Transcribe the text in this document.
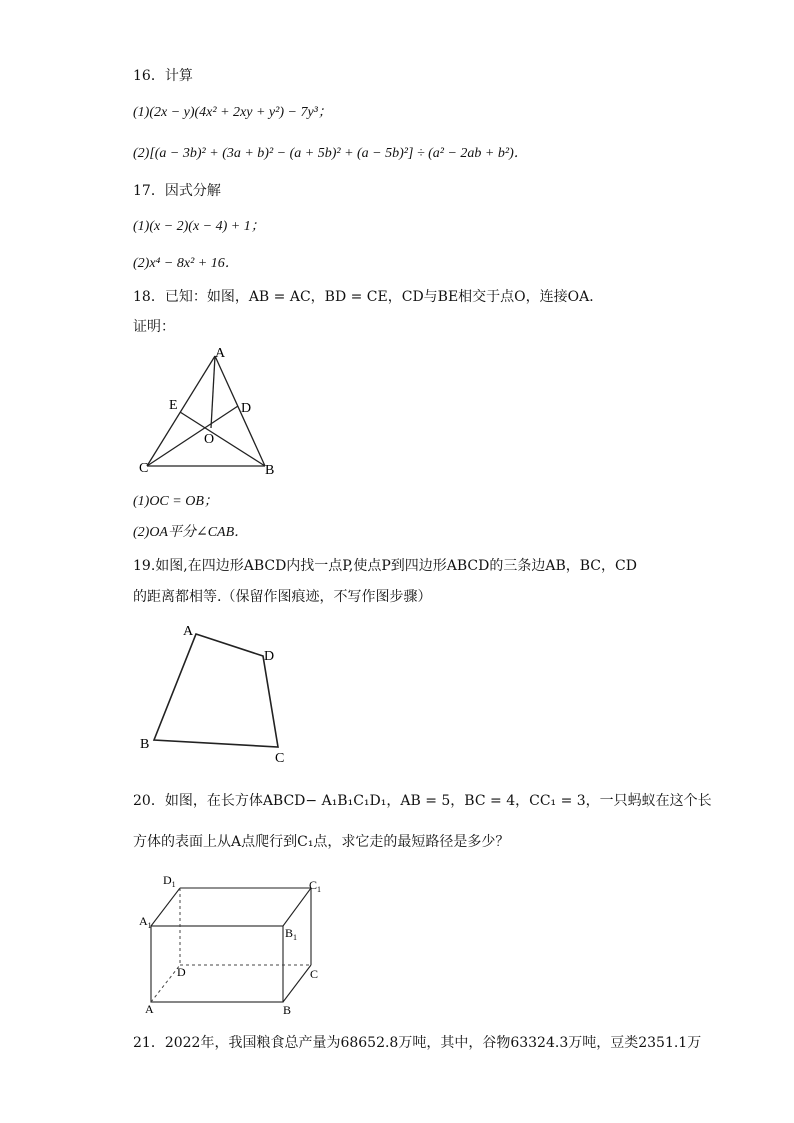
16．计算
(1)(2x − y)(4x² + 2xy + y²) − 7y³；
(2)[(a − 3b)² + (3a + b)² − (a + 5b)² + (a − 5b)²] ÷ (a² − 2ab + b²)．
17．因式分解
(1)(x − 2)(x − 4) + 1；
(2)x⁴ − 8x² + 16．
18．已知：如图，AB = AC，BD = CE，CD与BE相交于点O，连接OA．
证明：
A
E	D
O
C	B
(1)OC = OB；
(2)OA平分∠CAB．
19.如图,在四边形ABCD内找一点P,使点P到四边形ABCD的三条边AB，BC，CD
的距离都相等.（保留作图痕迹，不写作图步骤）
A
D
B
C
20．如图，在长方体ABCD− A₁B₁C₁D₁，AB = 5，BC = 4，CC₁ = 3，一只蚂蚁在这个长
方体的表面上从A点爬行到C₁点，求它走的最短路径是多少？
$D_1$	$C_1$
$A_1$
$B_1$
D	C
A	B
21．2022年，我国粮食总产量为68652.8万吨，其中，谷物63324.3万吨，豆类2351.1万
